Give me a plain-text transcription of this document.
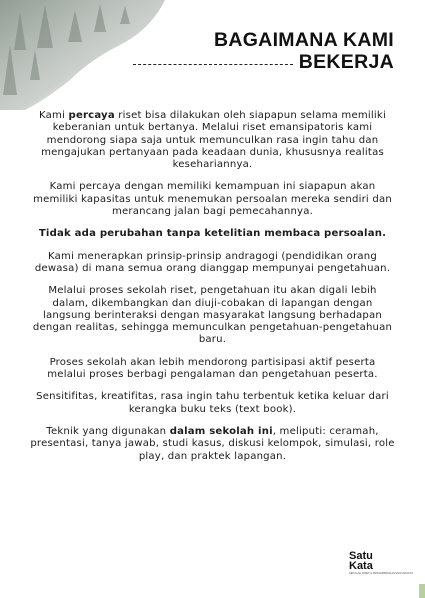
BAGAIMANA KAMI
BEKERJA

Kami percaya riset bisa dilakukan oleh siapapun selama memiliki keberanian untuk bertanya. Melalui riset emansipatoris kami mendorong siapa saja untuk memunculkan rasa ingin tahu dan mengajukan pertanyaan pada keadaan dunia, khususnya realitas kesehariannya.

Kami percaya dengan memiliki kemampuan ini siapapun akan memiliki kapasitas untuk menemukan persoalan mereka sendiri dan merancang jalan bagi pemecahannya.

Tidak ada perubahan tanpa ketelitian membaca persoalan.

Kami menerapkan prinsip-prinsip andragogi (pendidikan orang dewasa) di mana semua orang dianggap mempunyai pengetahuan.

Melalui proses sekolah riset, pengetahuan itu akan digali lebih dalam, dikembangkan dan diuji-cobakan di lapangan dengan langsung berinteraksi dengan masyarakat langsung berhadapan dengan realitas, sehingga memunculkan pengetahuan-pengetahuan baru.

Proses sekolah akan lebih mendorong partisipasi aktif peserta melalui proses berbagi pengalaman dan pengetahuan peserta.

Sensitifitas, kreatifitas, rasa ingin tahu terbentuk ketika keluar dari kerangka buku teks (text book).

Teknik yang digunakan dalam sekolah ini, meliputi: ceramah, presentasi, tanya jawab, studi kasus, diskusi kelompok, simulasi, role play, dan praktek lapangan.

Satu
Kata
SEKOLAH RISET & PENGEMBANGAN MASYARAKAT
